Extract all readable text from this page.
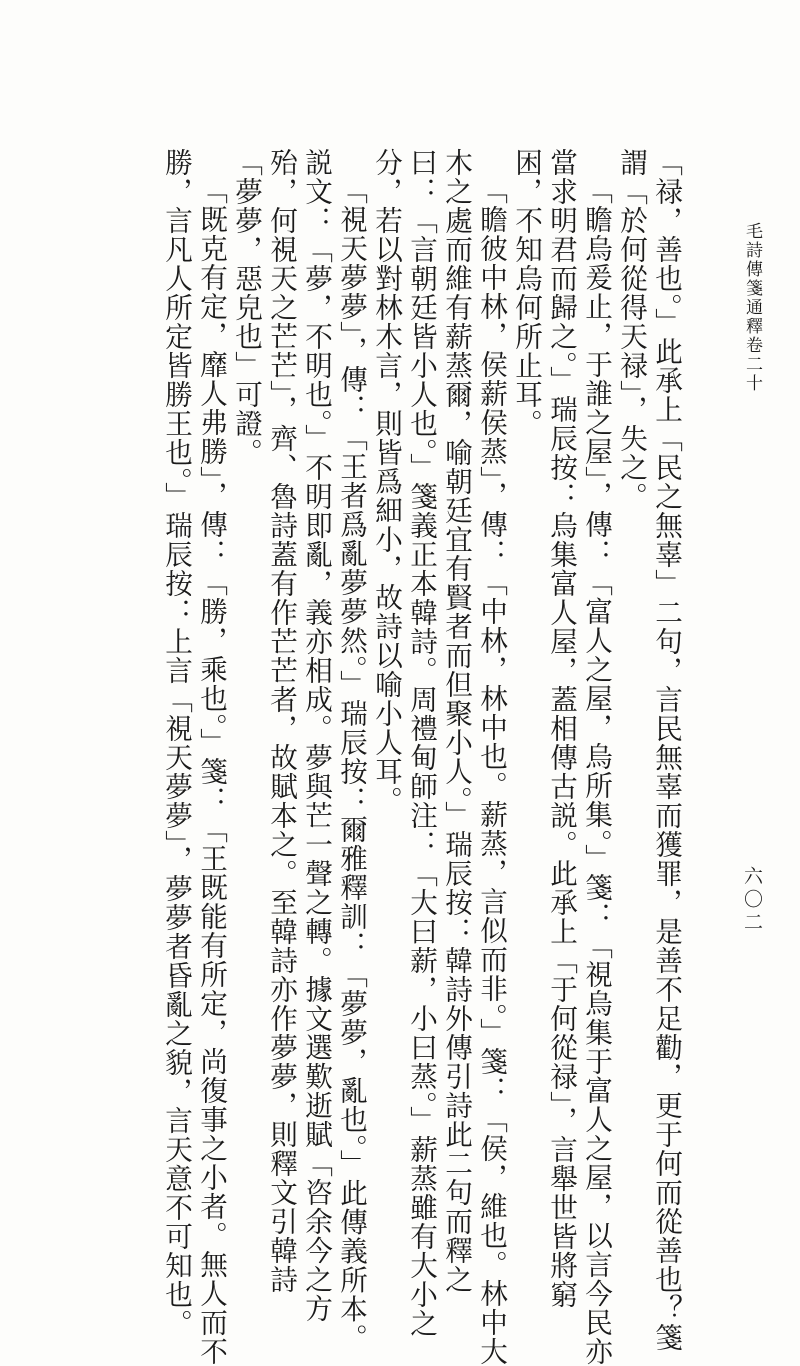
毛詩傳箋通釋卷二十
六〇二
「禄，善也。」此承上「民之無辜」二句，言民無辜而獲罪，是善不足勸，更于何而從善也？箋
謂「於何從得天禄」，失之。
「瞻烏爰止，于誰之屋」，傳：「富人之屋，烏所集。」箋：「視烏集于富人之屋，以言今民亦
當求明君而歸之。」瑞辰按：烏集富人屋，蓋相傳古説。此承上「于何從禄」，言舉世皆將窮
困，不知烏何所止耳。
「瞻彼中林，侯薪侯蒸」，傳：「中林，林中也。薪蒸，言似而非。」箋：「侯，維也。林中大
木之處而維有薪蒸爾，喻朝廷宜有賢者而但聚小人。」瑞辰按：韓詩外傳引詩此二句而釋之
曰：「言朝廷皆小人也。」箋義正本韓詩。周禮甸師注：「大曰薪，小曰蒸。」薪蒸雖有大小之
分，若以對林木言，則皆爲細小，故詩以喻小人耳。
「視天夢夢」，傳：「王者爲亂夢夢然。」瑞辰按：爾雅釋訓：「夢夢，亂也。」此傳義所本。
説文：「夢，不明也。」不明即亂，義亦相成。夢與芒一聲之轉。據文選歎逝賦「咨余今之方
殆，何視天之芒芒」，齊、魯詩蓋有作芒芒者，故賦本之。至韓詩亦作夢夢，則釋文引韓詩
「夢夢，惡皃也」可證。
「既克有定，靡人弗勝」，傳：「勝，乘也。」箋：「王既能有所定，尚復事之小者。無人而不
勝，言凡人所定皆勝王也。」瑞辰按：上言「視天夢夢」，夢夢者昏亂之貌，言天意不可知也。
